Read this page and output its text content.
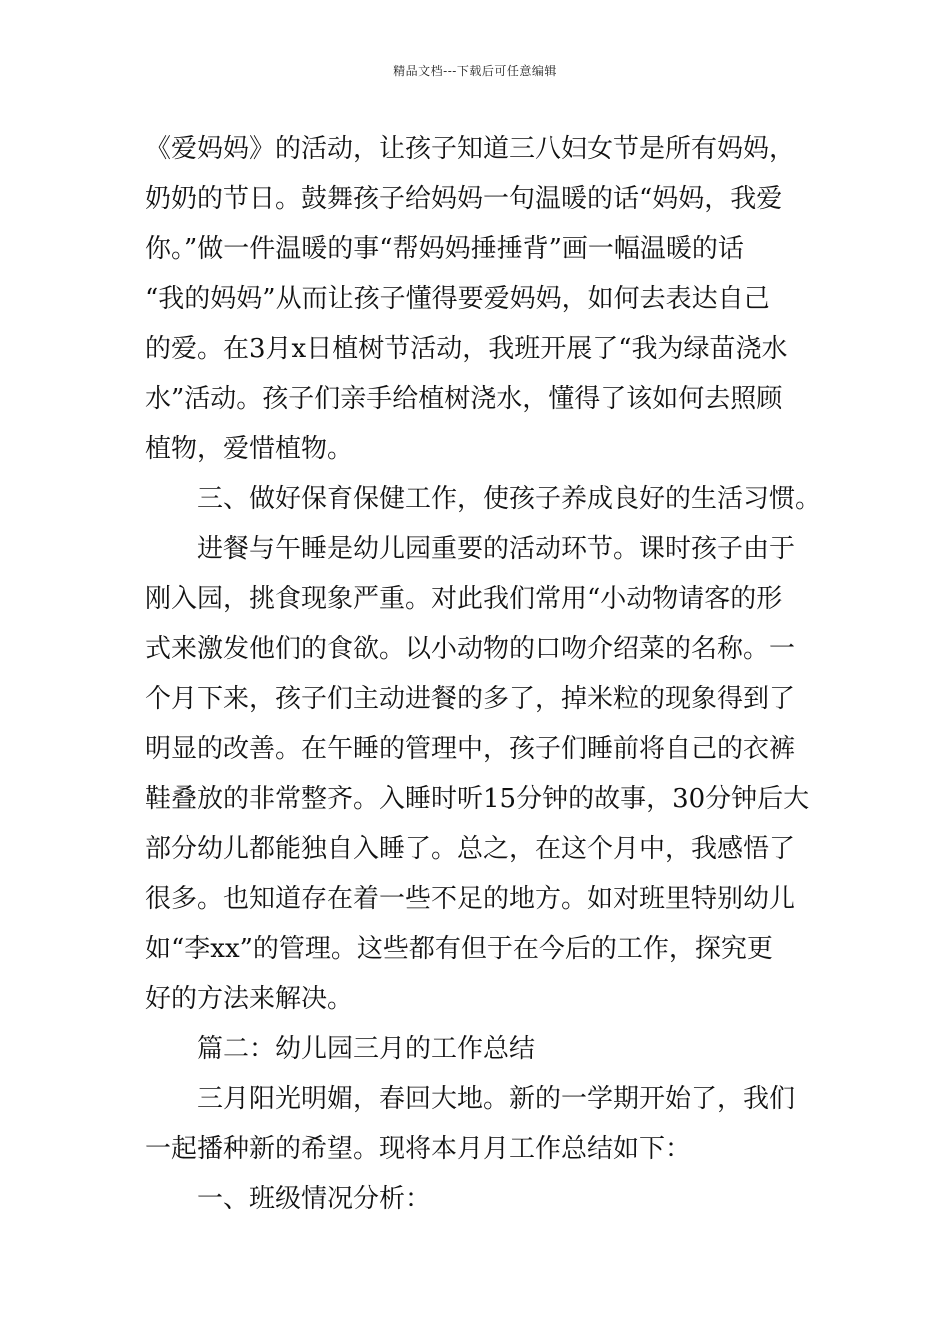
精品文档---下载后可任意编辑
《爱妈妈》的活动，让孩子知道三八妇女节是所有妈妈，
奶奶的节日。鼓舞孩子给妈妈一句温暖的话“妈妈，我爱
你。”做一件温暖的事“帮妈妈捶捶背”画一幅温暖的话
“我的妈妈”从而让孩子懂得要爱妈妈，如何去表达自己
的爱。在3月x日植树节活动，我班开展了“我为绿苗浇水
水”活动。孩子们亲手给植树浇水，懂得了该如何去照顾
植物，爱惜植物。
三、做好保育保健工作，使孩子养成良好的生活习惯。
进餐与午睡是幼儿园重要的活动环节。课时孩子由于
刚入园，挑食现象严重。对此我们常用“小动物请客的形
式来激发他们的食欲。以小动物的口吻介绍菜的名称。一
个月下来，孩子们主动进餐的多了，掉米粒的现象得到了
明显的改善。在午睡的管理中，孩子们睡前将自己的衣裤
鞋叠放的非常整齐。入睡时听15分钟的故事，30分钟后大
部分幼儿都能独自入睡了。总之，在这个月中，我感悟了
很多。也知道存在着一些不足的地方。如对班里特别幼儿
如“李xx”的管理。这些都有但于在今后的工作，探究更
好的方法来解决。
篇二：幼儿园三月的工作总结
三月阳光明媚，春回大地。新的一学期开始了，我们
一起播种新的希望。现将本月月工作总结如下：
一、班级情况分析：
